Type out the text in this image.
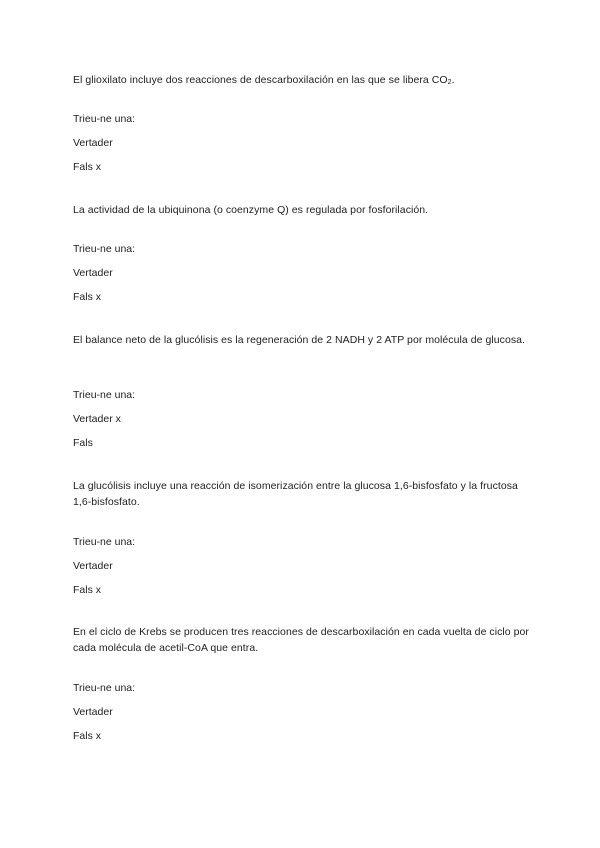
El glioxilato incluye dos reacciones de descarboxilación en las que se libera $CO_2$.

Trieu-ne una:

Vertader

Fals x

La actividad de la ubiquinona (o coenzyme Q) es regulada por fosforilación.

Trieu-ne una:

Vertader

Fals x

El balance neto de la glucólisis es la regeneración de 2 NADH y 2 ATP por molécula de glucosa.

Trieu-ne una:

Vertader x

Fals

La glucólisis incluye una reacción de isomerización entre la glucosa 1,6-bisfosfato y la fructosa 1,6-bisfosfato.

Trieu-ne una:

Vertader

Fals x

En el ciclo de Krebs se producen tres reacciones de descarboxilación en cada vuelta de ciclo por cada molécula de acetil-CoA que entra.

Trieu-ne una:

Vertader

Fals x
